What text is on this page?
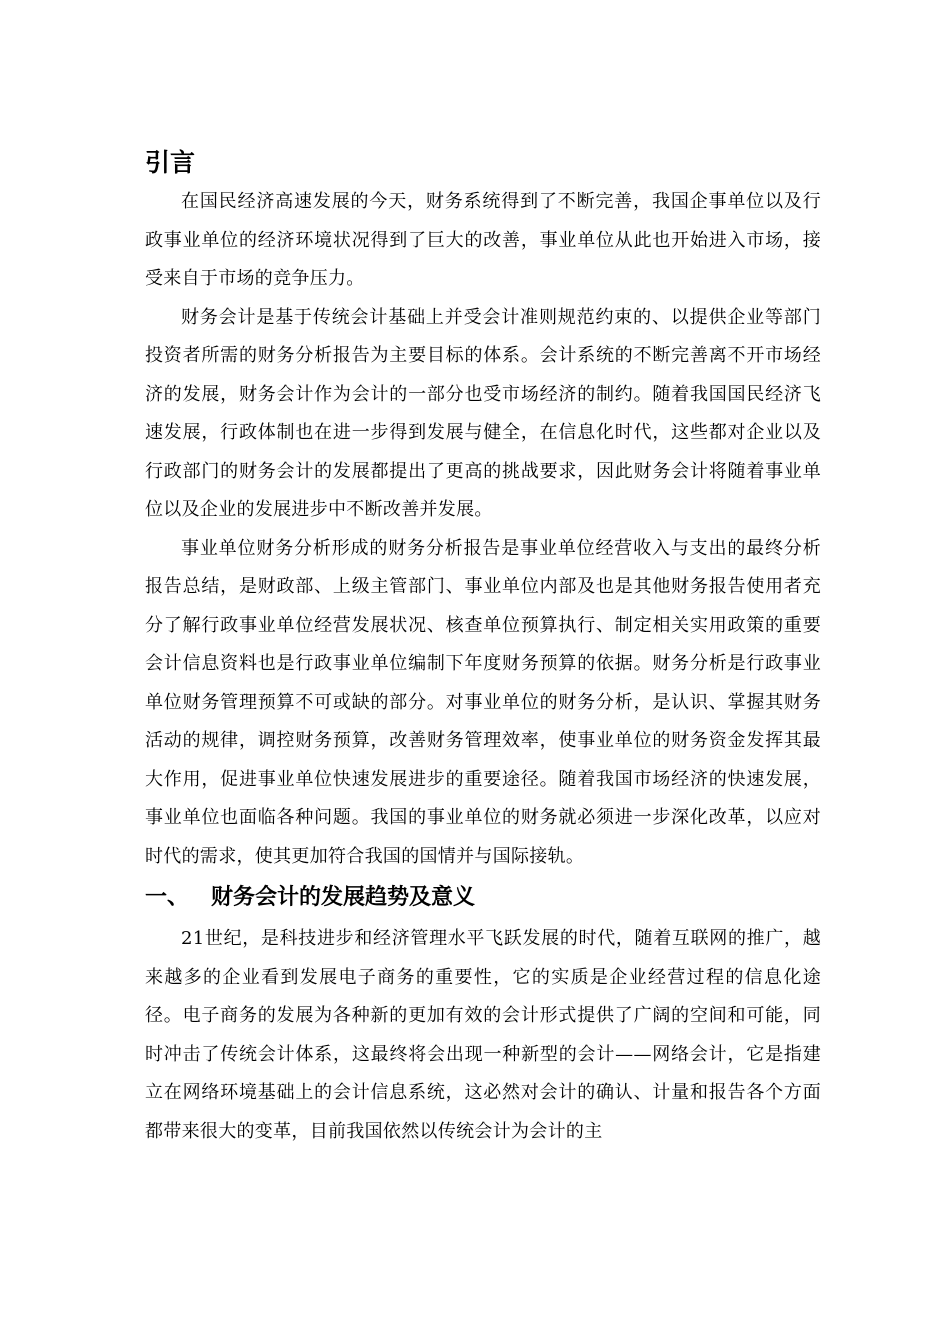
引言

在国民经济高速发展的今天，财务系统得到了不断完善，我国企事单位以及行政事业单位的经济环境状况得到了巨大的改善，事业单位从此也开始进入市场，接受来自于市场的竞争压力。

财务会计是基于传统会计基础上并受会计准则规范约束的、以提供企业等部门投资者所需的财务分析报告为主要目标的体系。会计系统的不断完善离不开市场经济的发展，财务会计作为会计的一部分也受市场经济的制约。随着我国国民经济飞速发展，行政体制也在进一步得到发展与健全，在信息化时代，这些都对企业以及行政部门的财务会计的发展都提出了更高的挑战要求，因此财务会计将随着事业单位以及企业的发展进步中不断改善并发展。

事业单位财务分析形成的财务分析报告是事业单位经营收入与支出的最终分析报告总结，是财政部、上级主管部门、事业单位内部及也是其他财务报告使用者充分了解行政事业单位经营发展状况、核查单位预算执行、制定相关实用政策的重要会计信息资料也是行政事业单位编制下年度财务预算的依据。财务分析是行政事业单位财务管理预算不可或缺的部分。对事业单位的财务分析，是认识、掌握其财务活动的规律，调控财务预算，改善财务管理效率，使事业单位的财务资金发挥其最大作用，促进事业单位快速发展进步的重要途径。随着我国市场经济的快速发展，事业单位也面临各种问题。我国的事业单位的财务就必须进一步深化改革，以应对时代的需求，使其更加符合我国的国情并与国际接轨。

一、 财务会计的发展趋势及意义

21世纪，是科技进步和经济管理水平飞跃发展的时代，随着互联网的推广，越来越多的企业看到发展电子商务的重要性，它的实质是企业经营过程的信息化途径。电子商务的发展为各种新的更加有效的会计形式提供了广阔的空间和可能，同时冲击了传统会计体系，这最终将会出现一种新型的会计——网络会计，它是指建立在网络环境基础上的会计信息系统，这必然对会计的确认、计量和报告各个方面都带来很大的变革，目前我国依然以传统会计为会计的主
